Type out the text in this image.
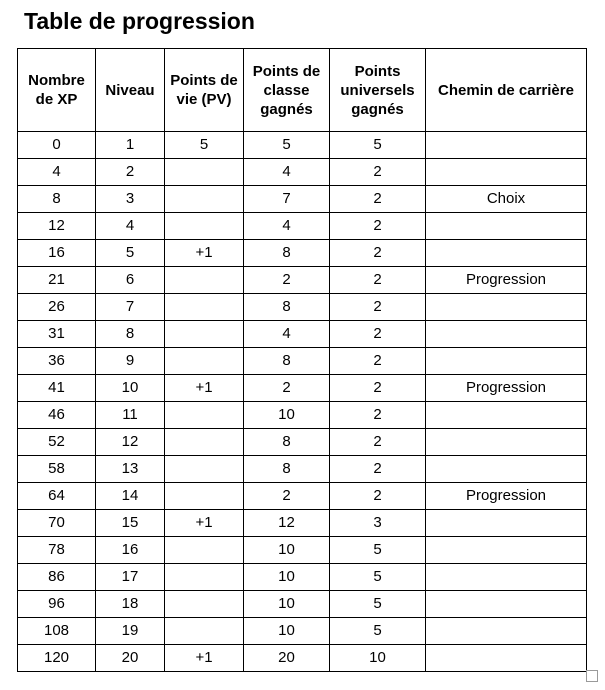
Table de progression
Nombre de XP	Niveau	Points de vie (PV)	Points de classe gagnés	Points universels gagnés	Chemin de carrière
0	1	5	5	5	
4	2		4	2	
8	3		7	2	Choix
12	4		4	2	
16	5	+1	8	2	
21	6		2	2	Progression
26	7		8	2	
31	8		4	2	
36	9		8	2	
41	10	+1	2	2	Progression
46	11		10	2	
52	12		8	2	
58	13		8	2	
64	14		2	2	Progression
70	15	+1	12	3	
78	16		10	5	
86	17		10	5	
96	18		10	5	
108	19		10	5	
120	20	+1	20	10	
